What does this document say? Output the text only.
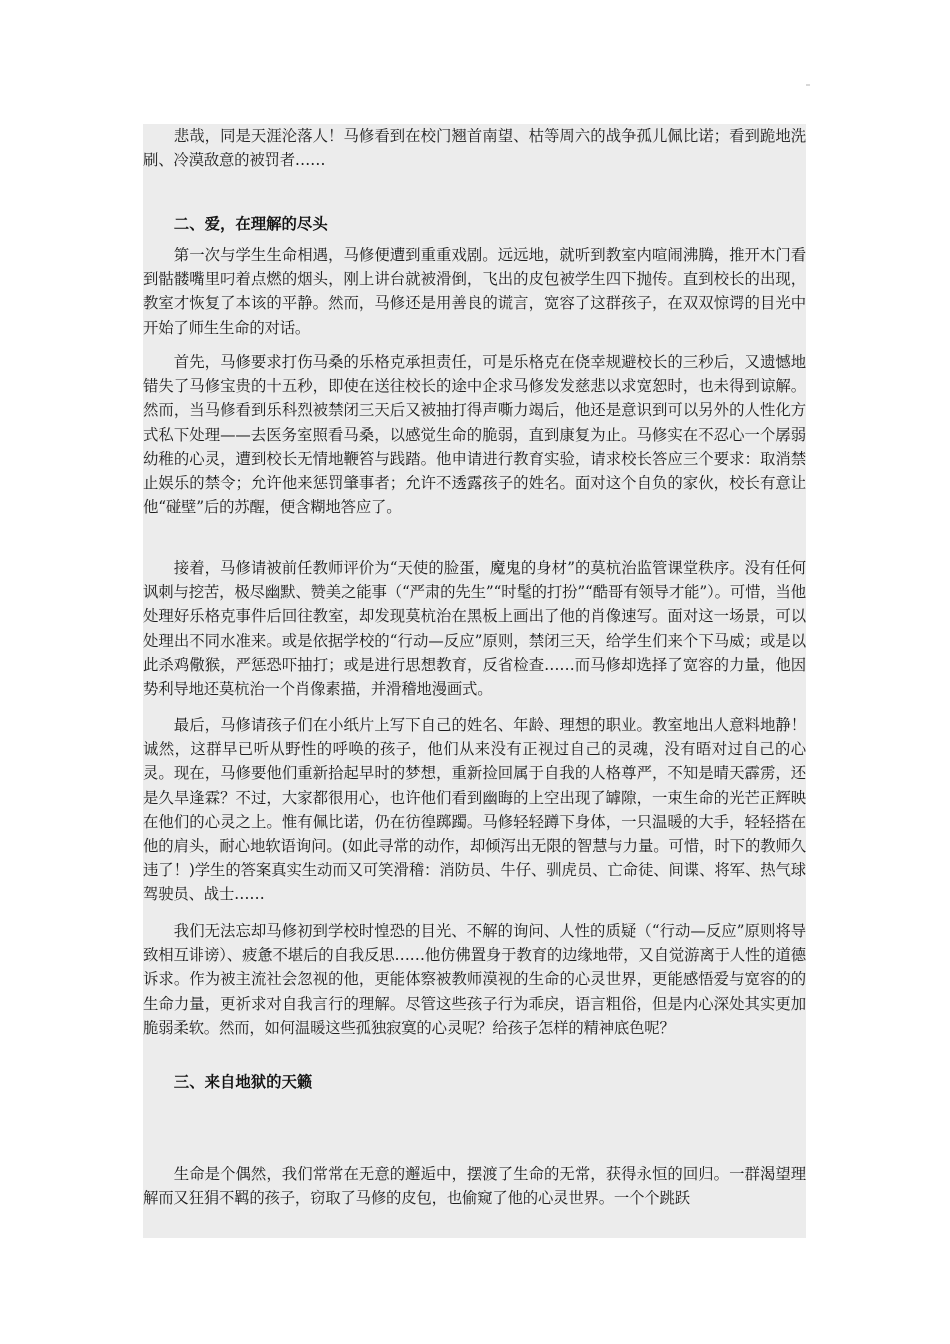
悲哉，同是天涯沦落人！马修看到在校门翘首南望、枯等周六的战争孤儿佩比诺；看到跪地洗刷、冷漠敌意的被罚者……

二、爱，在理解的尽头

第一次与学生生命相遇，马修便遭到重重戏剧。远远地，就听到教室内喧闹沸腾，推开木门看到骷髅嘴里叼着点燃的烟头，刚上讲台就被滑倒，飞出的皮包被学生四下抛传。直到校长的出现，教室才恢复了本该的平静。然而，马修还是用善良的谎言，宽容了这群孩子，在双双惊谔的目光中开始了师生生命的对话。

首先，马修要求打伤马桑的乐格克承担责任，可是乐格克在侥幸规避校长的三秒后，又遗憾地错失了马修宝贵的十五秒，即使在送往校长的途中企求马修发发慈悲以求宽恕时，也未得到谅解。然而，当马修看到乐科烈被禁闭三天后又被抽打得声嘶力竭后，他还是意识到可以另外的人性化方式私下处理——去医务室照看马桑，以感觉生命的脆弱，直到康复为止。马修实在不忍心一个孱弱幼稚的心灵，遭到校长无情地鞭笞与践踏。他申请进行教育实验，请求校长答应三个要求：取消禁止娱乐的禁令；允许他来惩罚肇事者；允许不透露孩子的姓名。面对这个自负的家伙，校长有意让他“碰壁”后的苏醒，便含糊地答应了。

接着，马修请被前任教师评价为“天使的脸蛋，魔鬼的身材”的莫杭治监管课堂秩序。没有任何讽刺与挖苦，极尽幽默、赞美之能事（“严肃的先生”“时髦的打扮”“酷哥有领导才能”）。可惜，当他处理好乐格克事件后回往教室，却发现莫杭治在黑板上画出了他的肖像速写。面对这一场景，可以处理出不同水准来。或是依据学校的“行动—反应”原则，禁闭三天，给学生们来个下马威；或是以此杀鸡儆猴，严惩恐吓抽打；或是进行思想教育，反省检查……而马修却选择了宽容的力量，他因势利导地还莫杭治一个肖像素描，并滑稽地漫画式。

最后，马修请孩子们在小纸片上写下自己的姓名、年龄、理想的职业。教室地出人意料地静！诚然，这群早已听从野性的呼唤的孩子，他们从来没有正视过自己的灵魂，没有晤对过自己的心灵。现在，马修要他们重新拾起早时的梦想，重新捡回属于自我的人格尊严，不知是晴天霹雳，还是久旱逢霖？不过，大家都很用心，也许他们看到幽晦的上空出现了罅隙，一束生命的光芒正辉映在他们的心灵之上。惟有佩比诺，仍在彷徨踯躅。马修轻轻蹲下身体，一只温暖的大手，轻轻搭在他的肩头，耐心地软语询问。(如此寻常的动作，却倾泻出无限的智慧与力量。可惜，时下的教师久违了！)学生的答案真实生动而又可笑滑稽：消防员、牛仔、驯虎员、亡命徒、间谍、将军、热气球驾驶员、战士……

我们无法忘却马修初到学校时惶恐的目光、不解的询问、人性的质疑（“行动—反应”原则将导致相互诽谤）、疲惫不堪后的自我反思……他仿佛置身于教育的边缘地带，又自觉游离于人性的道德诉求。作为被主流社会忽视的他，更能体察被教师漠视的生命的心灵世界，更能感悟爱与宽容的的生命力量，更祈求对自我言行的理解。尽管这些孩子行为乖戾，语言粗俗，但是内心深处其实更加脆弱柔软。然而，如何温暖这些孤独寂寞的心灵呢？给孩子怎样的精神底色呢？

三、来自地狱的天籁

生命是个偶然，我们常常在无意的邂逅中，摆渡了生命的无常，获得永恒的回归。一群渴望理解而又狂狷不羁的孩子，窃取了马修的皮包，也偷窥了他的心灵世界。一个个跳跃
